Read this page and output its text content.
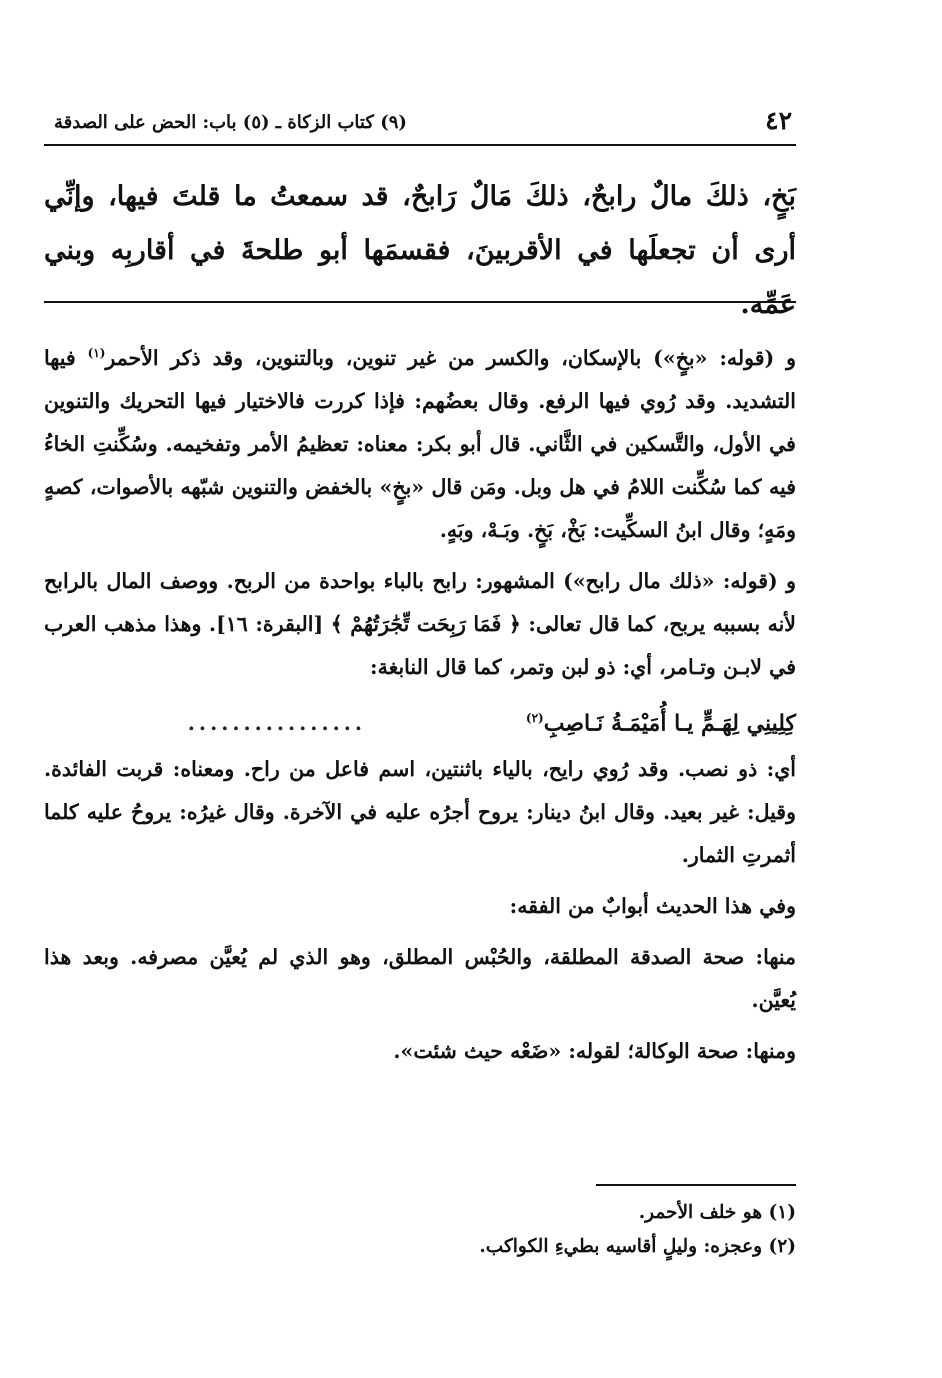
٤٢
(٩) كتاب الزكاة ـ (٥) باب: الحض على الصدقة
بَخٍ، ذلكَ مالٌ رابحٌ، ذلكَ مَالٌ رَابحٌ، قد سمعتُ ما قلتَ فيها، وإنِّي أرى أن تجعلَها في الأقربينَ، فقسمَها أبو طلحةَ في أقاربِه وبني عَمِّه.

و (قوله: «بخٍ») بالإسكان، والكسر من غير تنوين، وبالتنوين، وقد ذكر الأحمر$^{(١)}$ فيها التشديد. وقد رُوي فيها الرفع. وقال بعضُهم: فإذا كررت فالاختيار فيها التحريك والتنوين في الأول، والتَّسكين في الثَّاني. قال أبو بكر: معناه: تعظيمُ الأمر وتفخيمه. وسُكِّنتِ الخاءُ فيه كما سُكِّنت اللامُ في هل وبل. ومَن قال «بخٍ» بالخفض والتنوين شبّهه بالأصوات، كصهٍ ومَهٍ؛ وقال ابنُ السكِّيت: بَخْ، بَخٍ. وبَـهْ، وبَهٍ.

و (قوله: «ذلك مال رابح») المشهور: رابح بالباء بواحدة من الربح. ووصف المال بالرابح لأنه بسببه يربح، كما قال تعالى: ﴿ فَمَا رَبِحَت تِّجَٰرَتُهُمْ ﴾ [البقرة: ١٦]. وهذا مذهب العرب في لابـن وتـامر، أي: ذو لبن وتمر، كما قال النابغة:

كِلِينِي لِهَـمٍّ يـا أُمَيْمَـةُ نَـاصِبِ$^{(٢)}$
................

أي: ذو نصب. وقد رُوي رايح، بالياء باثنتين، اسم فاعل من راح. ومعناه: قربت الفائدة. وقيل: غير بعيد. وقال ابنُ دينار: يروح أجرُه عليه في الآخرة. وقال غيرُه: يروحُ عليه كلما أثمرتِ الثمار.

وفي هذا الحديث أبوابٌ من الفقه:

منها: صحة الصدقة المطلقة، والحُبْس المطلق، وهو الذي لم يُعيَّن مصرفه. وبعد هذا يُعيَّن.

ومنها: صحة الوكالة؛ لقوله: «ضَعْه حيث شئت».

(١) هو خلف الأحمر.

(٢) وعجزه: وليلٍ أقاسيه بطيءِ الكواكب.
